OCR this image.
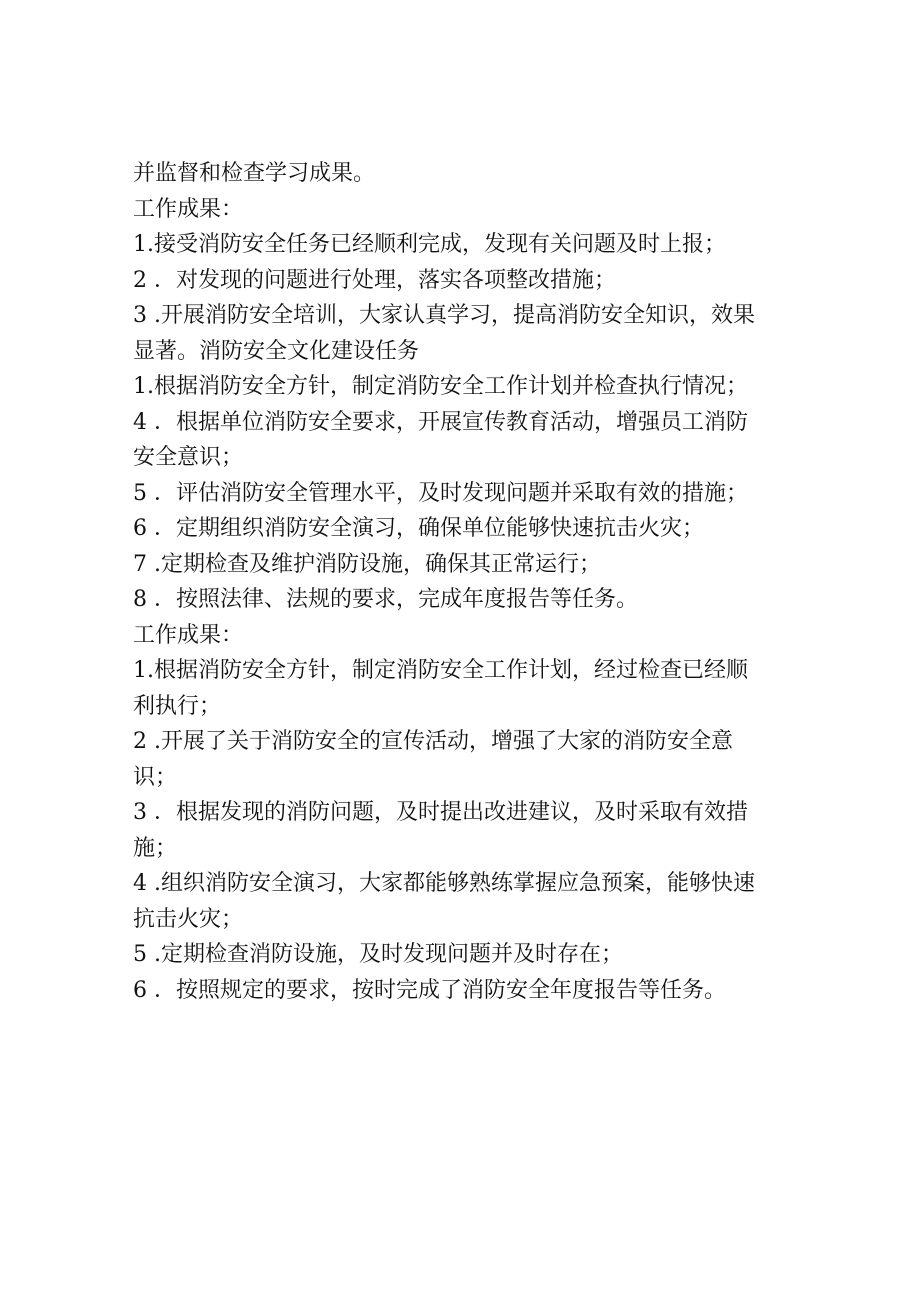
并监督和检查学习成果。
工作成果：
1.接受消防安全任务已经顺利完成，发现有关问题及时上报；
2 ．对发现的问题进行处理，落实各项整改措施；
3 .开展消防安全培训，大家认真学习，提高消防安全知识，效果
显著。消防安全文化建设任务
1.根据消防安全方针，制定消防安全工作计划并检查执行情况；
4 ．根据单位消防安全要求，开展宣传教育活动，增强员工消防
安全意识；
5 ．评估消防安全管理水平，及时发现问题并采取有效的措施；
6 ．定期组织消防安全演习，确保单位能够快速抗击火灾；
7 .定期检查及维护消防设施，确保其正常运行；
8 ．按照法律、法规的要求，完成年度报告等任务。
工作成果：
1.根据消防安全方针，制定消防安全工作计划，经过检查已经顺
利执行；
2 .开展了关于消防安全的宣传活动，增强了大家的消防安全意
识；
3 ．根据发现的消防问题，及时提出改进建议，及时采取有效措
施；
4 .组织消防安全演习，大家都能够熟练掌握应急预案，能够快速
抗击火灾；
5 .定期检查消防设施，及时发现问题并及时存在；
6 ．按照规定的要求，按时完成了消防安全年度报告等任务。
